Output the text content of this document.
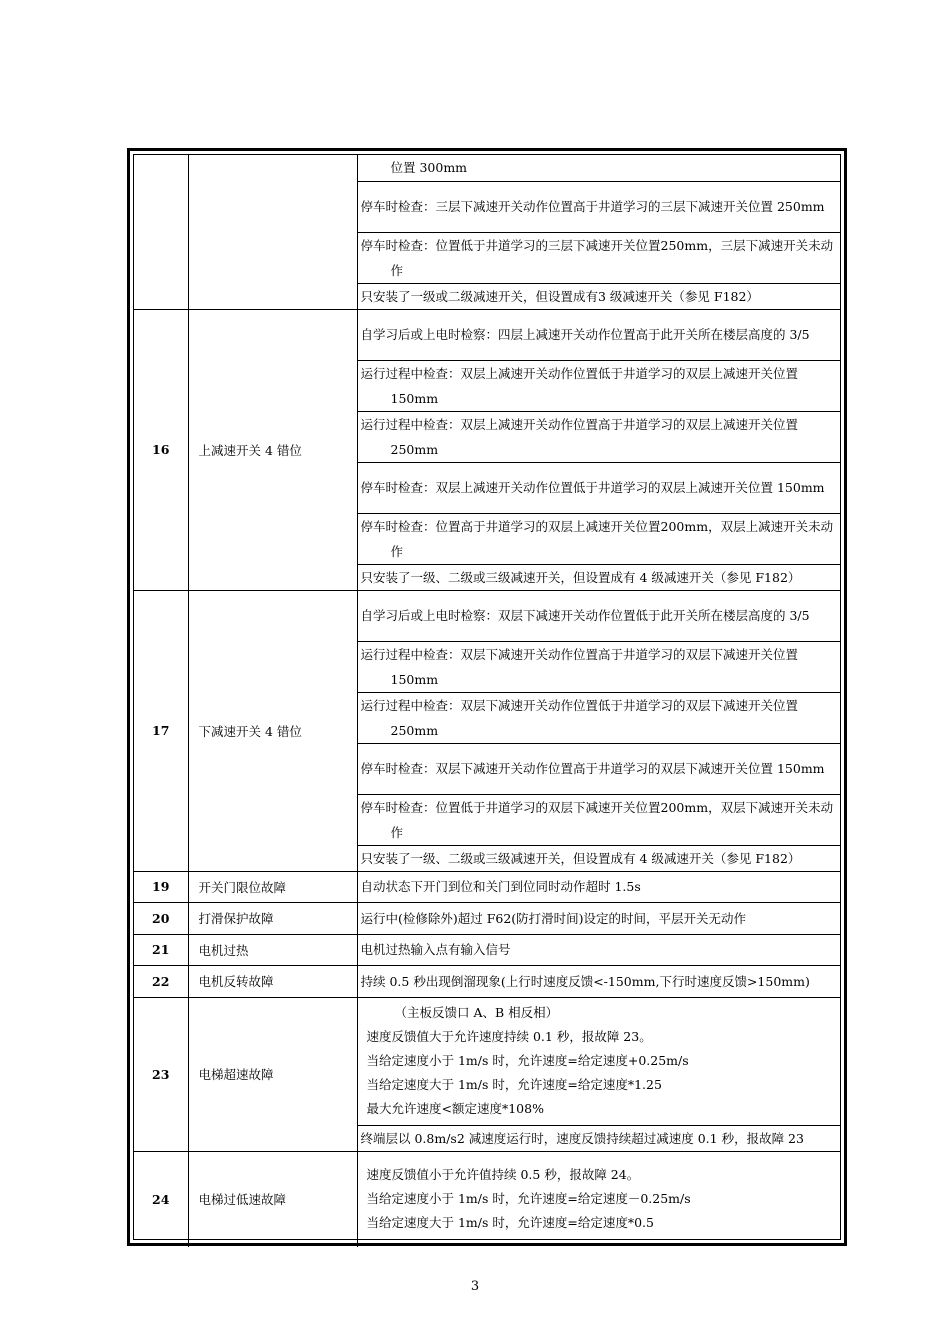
		位置 300mm

		停车时检查：三层下减速开关动作位置高于井道学习的三层下减速开关位置 250mm

		停车时检查：位置低于井道学习的三层下减速开关位置250mm，三层下减速开关未动作

		只安装了一级或二级减速开关，但设置成有3 级减速开关（参见 F182）

16	上减速开关 4 错位	自学习后或上电时检察：四层上减速开关动作位置高于此开关所在楼层高度的 3/5

		运行过程中检查：双层上减速开关动作位置低于井道学习的双层上减速开关位置 150mm

		运行过程中检查：双层上减速开关动作位置高于井道学习的双层上减速开关位置 250mm

		停车时检查：双层上减速开关动作位置低于井道学习的双层上减速开关位置 150mm

		停车时检查：位置高于井道学习的双层上减速开关位置200mm，双层上减速开关未动作

		只安装了一级、二级或三级减速开关，但设置成有 4 级减速开关（参见 F182）

17	下减速开关 4 错位	自学习后或上电时检察：双层下减速开关动作位置低于此开关所在楼层高度的 3/5

		运行过程中检查：双层下减速开关动作位置高于井道学习的双层下减速开关位置 150mm

		运行过程中检查：双层下减速开关动作位置低于井道学习的双层下减速开关位置 250mm

		停车时检查：双层下减速开关动作位置高于井道学习的双层下减速开关位置 150mm

		停车时检查：位置低于井道学习的双层下减速开关位置200mm，双层下减速开关未动作

		只安装了一级、二级或三级减速开关，但设置成有 4 级减速开关（参见 F182）

19	开关门限位故障	自动状态下开门到位和关门到位同时动作超时 1.5s

20	打滑保护故障	运行中(检修除外)超过 F62(防打滑时间)设定的时间，平层开关无动作

21	电机过热	电机过热输入点有输入信号

22	电机反转故障	持续 0.5 秒出现倒溜现象(上行时速度反馈<-150mm,下行时速度反馈>150mm)

23	电梯超速故障	（主板反馈口 A、B 相反相）
速度反馈值大于允许速度持续 0.1 秒，报故障 23。
当给定速度小于 1m/s 时，允许速度=给定速度+0.25m/s
当给定速度大于 1m/s 时，允许速度=给定速度*1.25
最大允许速度<额定速度*108%

		终端层以 0.8m/s2 减速度运行时，速度反馈持续超过减速度 0.1 秒，报故障 23

24	电梯过低速故障	速度反馈值小于允许值持续 0.5 秒，报故障 24。
当给定速度小于 1m/s 时，允许速度=给定速度－0.25m/s
当给定速度大于 1m/s 时，允许速度=给定速度*0.5
3
